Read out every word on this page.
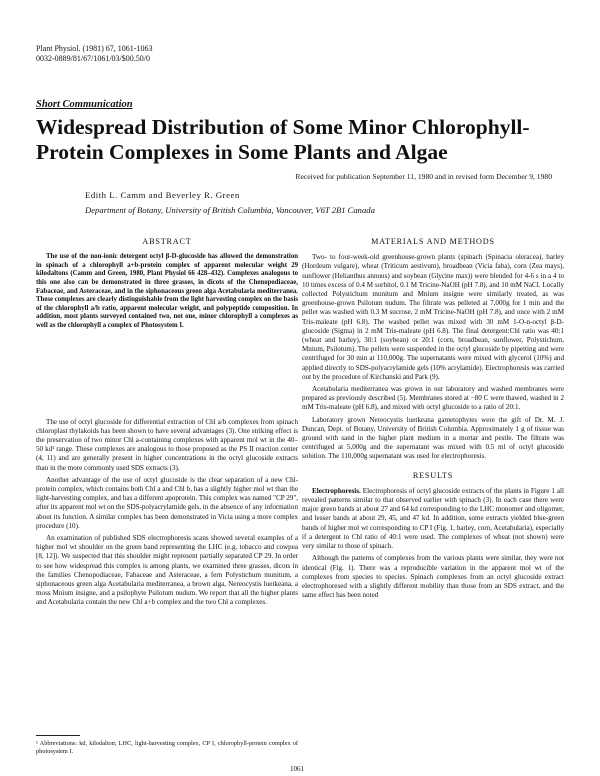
Plant Physiol. (1981) 67, 1061-1063
0032-0889/81/67/1061/03/$00.50/0
Short Communication
Widespread Distribution of Some Minor Chlorophyll-Protein Complexes in Some Plants and Algae
Received for publication September 11, 1980 and in revised form December 9, 1980
Edith L. Camm and Beverley R. Green
Department of Botany, University of British Columbia, Vancouver, V6T 2B1 Canada
ABSTRACT

The use of the non-ionic detergent octyl β-D-glucoside has allowed the demonstration in spinach of a chlorophyll a+b-protein complex of apparent molecular weight 29 kilodaltons (Camm and Green, 1980, Plant Physiol 66 428–432). Complexes analogous to this one also can be demonstrated in three grasses, in dicots of the Chenopodiaceae, Fabaceae, and Asteraceae, and in the siphonaceous green alga Acetabularia mediterranea. These complexes are clearly distinguishable from the light harvesting complex on the basis of the chlorophyll a/b ratio, apparent molecular weight, and polypeptide composition. In addition, most plants surveyed contained two, not one, minor chlorophyll a complexes as well as the chlorophyll a complex of Photosystem I.

The use of octyl glucoside for differential extraction of Chl a/b complexes from spinach chloroplast thylakoids has been shown to have several advantages (3). One striking effect is the preservation of two minor Chl a-containing complexes with apparent mol wt in the 40–50 kd¹ range. These complexes are analogous to those proposed as the PS II reaction center (4, 11) and are generally present in higher concentrations in the octyl glucoside extracts than in the more commonly used SDS extracts (3).

Another advantage of the use of octyl glucoside is the clear separation of a new Chl-protein complex, which contains both Chl a and Chl b, has a slightly higher mol wt than the light-harvesting complex, and has a different apoprotein. This complex was named "CP 29", after its apparent mol wt on the SDS-polyacrylamide gels, in the absence of any information about its function. A similar complex has been demonstrated in Vicia using a more complex procedure (10).

An examination of published SDS electrophoresis scans showed several examples of a higher mol wt shoulder on the green band representing the LHC (e.g. tobacco and cowpea [8, 12]). We suspected that this shoulder might represent partially separated CP 29. In order to see how widespread this complex is among plants, we examined three grasses, dicots in the families Chenopodiaceae, Fabaceae and Asteraceae, a fern Polystichum munitum, a siphonaceous green alga Acetabularia mediterranea, a brown alga, Nereocystis luetkeana, a moss Mnium insigne, and a psilophyte Psilotum nudum. We report that all the higher plants and Acetabularia contain the new Chl a+b complex and the two Chl a complexes.

¹ Abbreviations: kd, kilodalton; LHC, light-harvesting complex, CP I, chlorophyll-protein complex of photosystem I.
MATERIALS AND METHODS

Two- to four-week-old greenhouse-grown plants (spinach (Spinacia oleracea), barley (Hordeum vulgare), wheat (Triticum aestivum), broadbean (Vicia faba), corn (Zea mays), sunflower (Helianthus annuus) and soybean (Glycine max)) were blended for 4-6 s in a 4 to 10 times excess of 0.4 M sorbitol, 0.1 M Tricine-NaOH (pH 7.8), and 10 mM NaCl. Locally collected Polystichum munitum and Mnium insigne were similarly treated, as was greenhouse-grown Psilotum nudum. The filtrate was pelleted at 7,000g for 1 min and the pellet was washed with 0.3 M sucrose, 2 mM Tricine-NaOH (pH 7.8), and once with 2 mM Tris-maleate (pH 6.8). The washed pellet was mixed with 30 mM 1-O-n-octyl β-D-glucoside (Sigma) in 2 mM Tris-maleate (pH 6.8). The final detergent:Chl ratio was 40:1 (wheat and barley), 30:1 (soybean) or 20:1 (corn, broadbean, sunflower, Polystichum, Mnium, Psilotum). The pellets were suspended in the octyl glucoside by pipetting and were centrifuged for 30 min at 110,000g. The supernatants were mixed with glycerol (10%) and applied directly to SDS-polyacrylamide gels (10% acrylamide). Electrophoresis was carried out by the procedure of Kirchanski and Park (9).

Acetabularia mediterranea was grown in our laboratory and washed membranes were prepared as previously described (5). Membranes stored at −80 C were thawed, washed in 2 mM Tris-maleate (pH 6.8), and mixed with octyl glucoside to a ratio of 20:1.

Laboratory grown Nereocystis luetkeana gametophytes were the gift of Dr. M. J. Duncan, Dept. of Botany, University of British Columbia. Approximately 1 g of tissue was ground with sand in the higher plant medium in a mortar and pestle. The filtrate was centrifuged at 5,000g and the supernatant was mixed with 0.5 ml of octyl glucoside solution. The 110,000g supernatant was used for electrophoresis.

RESULTS

Electrophoresis. Electrophoresis of octyl glucoside extracts of the plants in Figure 1 all revealed patterns similar to that observed earlier with spinach (3). In each case there were major green bands at about 27 and 64 kd corresponding to the LHC monomer and oligomer, and lesser bands at about 29, 45, and 47 kd. In addition, some extracts yielded blue-green bands of higher mol wt corresponding to CP I (Fig. 1, barley, corn, Acetabularia), especially if a detergent to Chl ratio of 40:1 were used. The complexes of wheat (not shown) were very similar to those of spinach.

Although the patterns of complexes from the various plants were similar, they were not identical (Fig. 1). There was a reproducible variation in the apparent mol wt of the complexes from species to species. Spinach complexes from an octyl glucoside extract electrophoresed with a slightly different mobility than those from an SDS extract, and the same effect has been noted

1061
